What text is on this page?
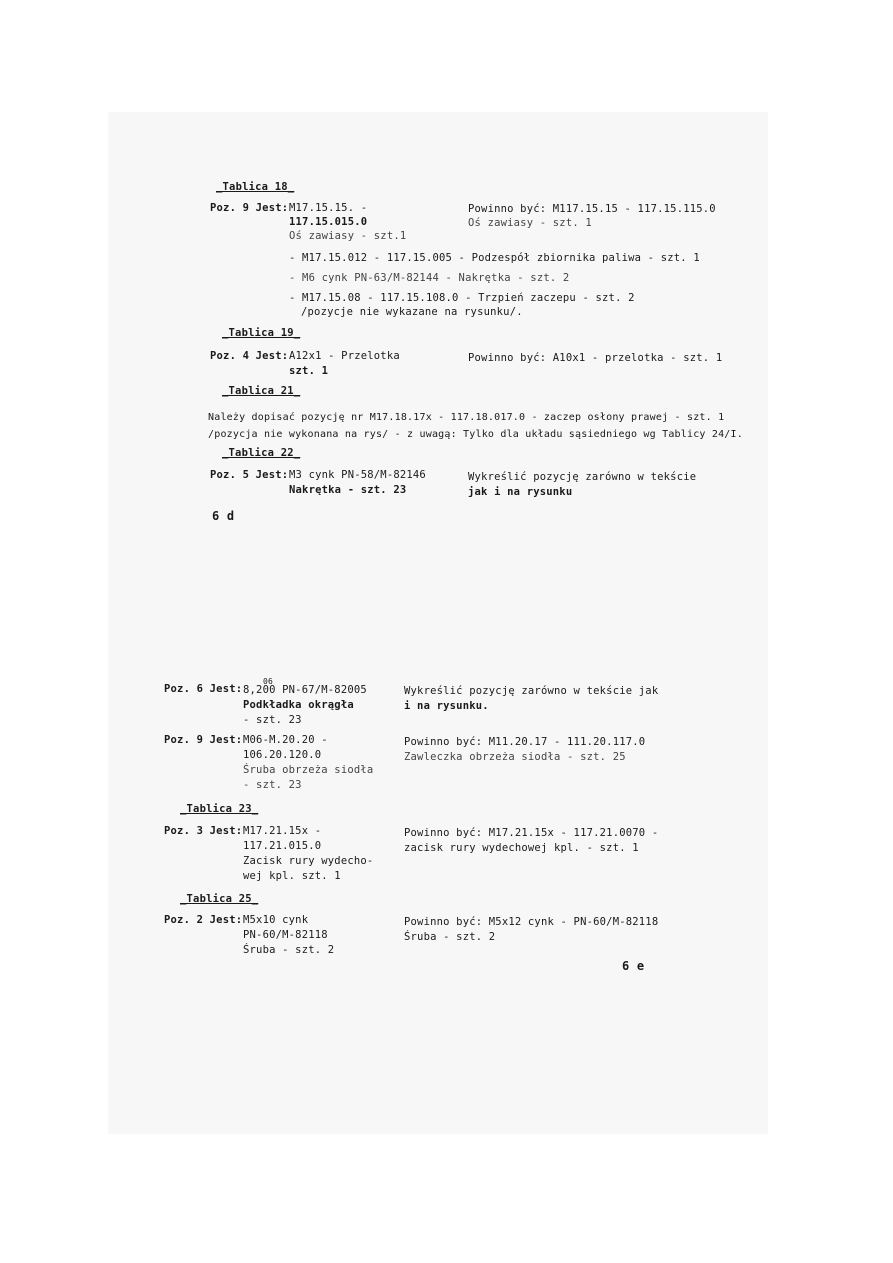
_Tablica 18_
Poz. 9 Jest: M17.15.15. -
117.15.015.0
Oś zawiasy - szt.1
Powinno być: M117.15.15 - 117.15.115.0
Oś zawiasy - szt. 1
- M17.15.012 - 117.15.005 - Podzespół zbiornika paliwa - szt. 1
- M6 cynk PN-63/M-82144 - Nakrętka - szt. 2
- M17.15.08 - 117.15.108.0 - Trzpień zaczepu - szt. 2
/pozycje nie wykazane na rysunku/.
_Tablica 19_
Poz. 4 Jest: A12x1 - Przelotka
szt. 1
Powinno być: A10x1 - przelotka - szt. 1
_Tablica 21_
Należy dopisać pozycję nr M17.18.17x - 117.18.017.0 - zaczep osłony prawej - szt. 1
/pozycja nie wykonana na rys/ - z uwagą: Tylko dla układu sąsiedniego wg Tablicy 24/I.
_Tablica 22_
Poz. 5 Jest: M3 cynk PN-58/M-82146
Nakrętka - szt. 23
Wykreślić pozycję zarówno w tekście
jak i na rysunku
6 d
06
Poz. 6 Jest: 8,200 PN-67/M-82005
Podkładka okrągła
- szt. 23
Wykreślić pozycję zarówno w tekście jak
i na rysunku.
Poz. 9 Jest: M06-M.20.20 -
106.20.120.0
Śruba obrzeża siodła
- szt. 23
Powinno być: M11.20.17 - 111.20.117.0
Zawleczka obrzeża siodła - szt. 25
_Tablica 23_
Poz. 3 Jest: M17.21.15x -
117.21.015.0
Zacisk rury wydecho-
wej kpl. szt. 1
Powinno być: M17.21.15x - 117.21.0070 -
zacisk rury wydechowej kpl. - szt. 1
_Tablica 25_
Poz. 2 Jest: M5x10 cynk
PN-60/M-82118
Śruba - szt. 2
Powinno być: M5x12 cynk - PN-60/M-82118
Śruba - szt. 2
6 e
